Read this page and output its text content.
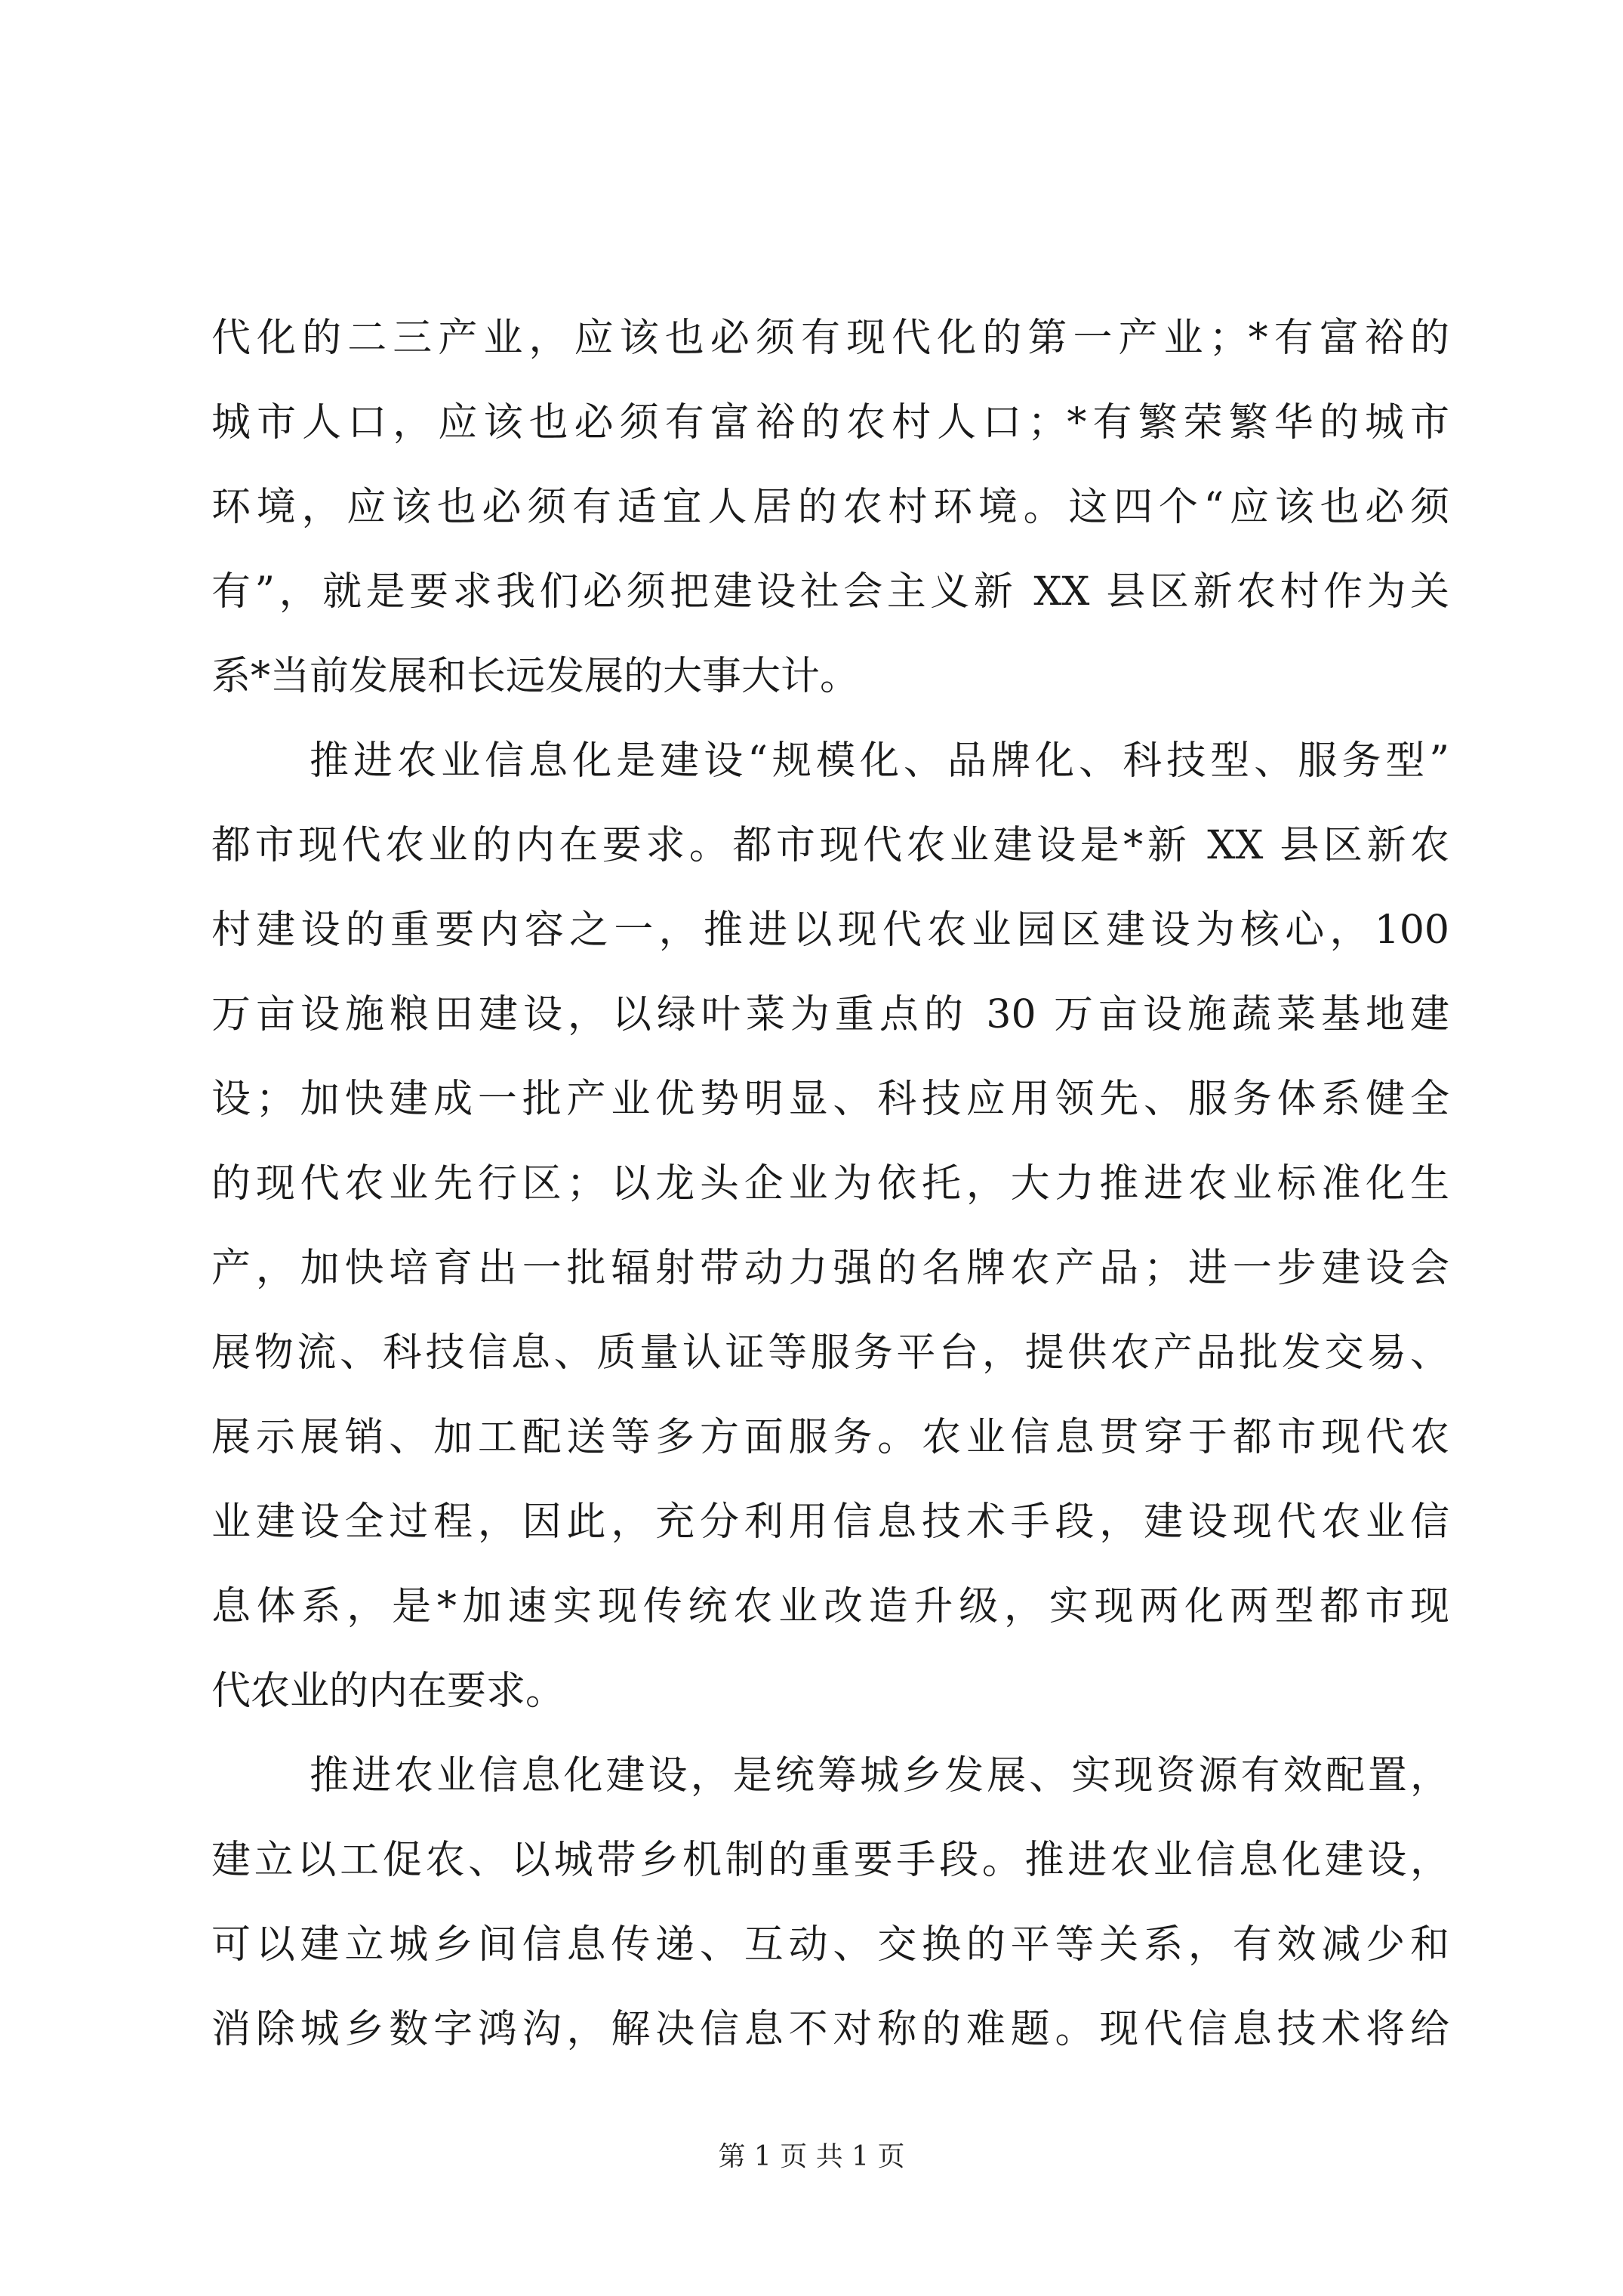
代化的二三产业，应该也必须有现代化的第一产业；*有富裕的
城市人口，应该也必须有富裕的农村人口；*有繁荣繁华的城市
环境，应该也必须有适宜人居的农村环境。这四个“应该也必须
有”，就是要求我们必须把建设社会主义新 XX 县区新农村作为关
系*当前发展和长远发展的大事大计。
推进农业信息化是建设“规模化、品牌化、科技型、服务型”
都市现代农业的内在要求。都市现代农业建设是*新 XX 县区新农
村建设的重要内容之一，推进以现代农业园区建设为核心，100
万亩设施粮田建设，以绿叶菜为重点的 30 万亩设施蔬菜基地建
设；加快建成一批产业优势明显、科技应用领先、服务体系健全
的现代农业先行区；以龙头企业为依托，大力推进农业标准化生
产，加快培育出一批辐射带动力强的名牌农产品；进一步建设会
展物流、科技信息、质量认证等服务平台，提供农产品批发交易、
展示展销、加工配送等多方面服务。农业信息贯穿于都市现代农
业建设全过程，因此，充分利用信息技术手段，建设现代农业信
息体系，是*加速实现传统农业改造升级，实现两化两型都市现
代农业的内在要求。
推进农业信息化建设，是统筹城乡发展、实现资源有效配置，
建立以工促农、以城带乡机制的重要手段。推进农业信息化建设，
可以建立城乡间信息传递、互动、交换的平等关系，有效减少和
消除城乡数字鸿沟，解决信息不对称的难题。现代信息技术将给
第 1 页 共 1 页
